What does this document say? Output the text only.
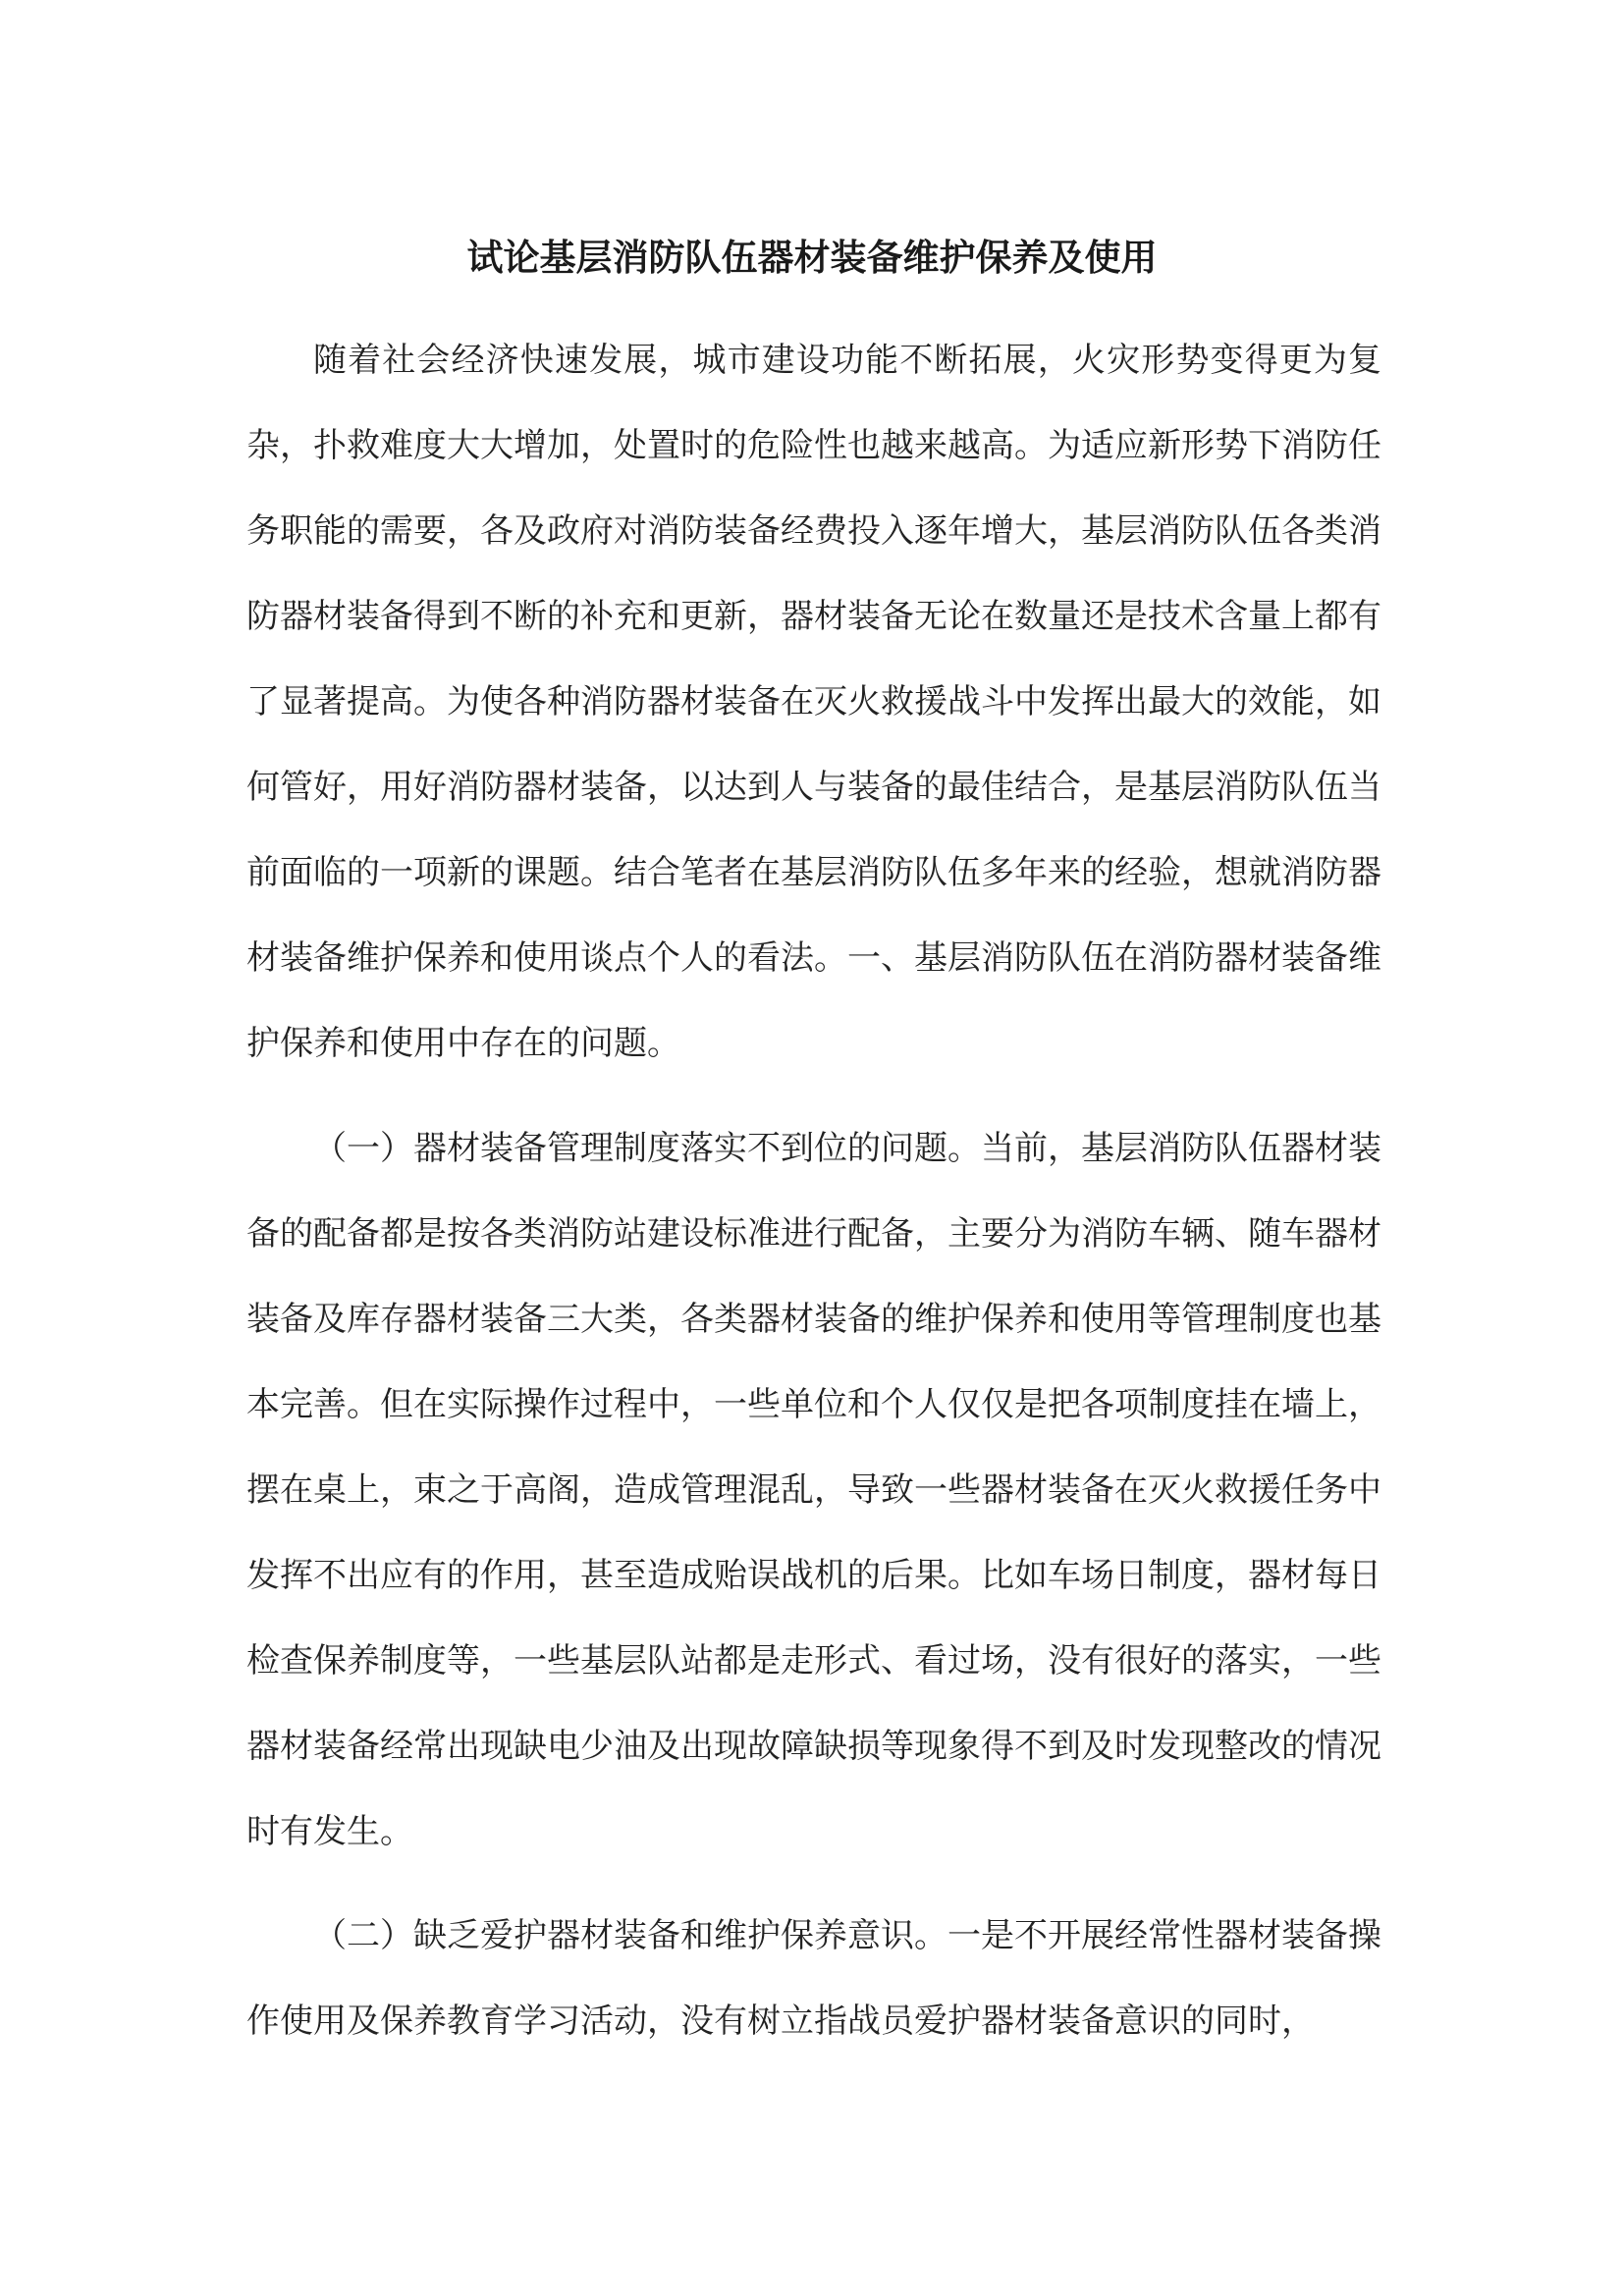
试论基层消防队伍器材装备维护保养及使用

随着社会经济快速发展，城市建设功能不断拓展，火灾形势变得更为复杂，扑救难度大大增加，处置时的危险性也越来越高。为适应新形势下消防任务职能的需要，各及政府对消防装备经费投入逐年增大，基层消防队伍各类消防器材装备得到不断的补充和更新，器材装备无论在数量还是技术含量上都有了显著提高。为使各种消防器材装备在灭火救援战斗中发挥出最大的效能，如何管好，用好消防器材装备，以达到人与装备的最佳结合，是基层消防队伍当前面临的一项新的课题。结合笔者在基层消防队伍多年来的经验，想就消防器材装备维护保养和使用谈点个人的看法。一、基层消防队伍在消防器材装备维护保养和使用中存在的问题。

（一）器材装备管理制度落实不到位的问题。当前，基层消防队伍器材装备的配备都是按各类消防站建设标准进行配备，主要分为消防车辆、随车器材装备及库存器材装备三大类，各类器材装备的维护保养和使用等管理制度也基本完善。但在实际操作过程中，一些单位和个人仅仅是把各项制度挂在墙上，摆在桌上，束之于高阁，造成管理混乱，导致一些器材装备在灭火救援任务中发挥不出应有的作用，甚至造成贻误战机的后果。比如车场日制度，器材每日检查保养制度等，一些基层队站都是走形式、看过场，没有很好的落实，一些器材装备经常出现缺电少油及出现故障缺损等现象得不到及时发现整改的情况时有发生。

（二）缺乏爱护器材装备和维护保养意识。一是不开展经常性器材装备操作使用及保养教育学习活动，没有树立指战员爱护器材装备意识的同时，
